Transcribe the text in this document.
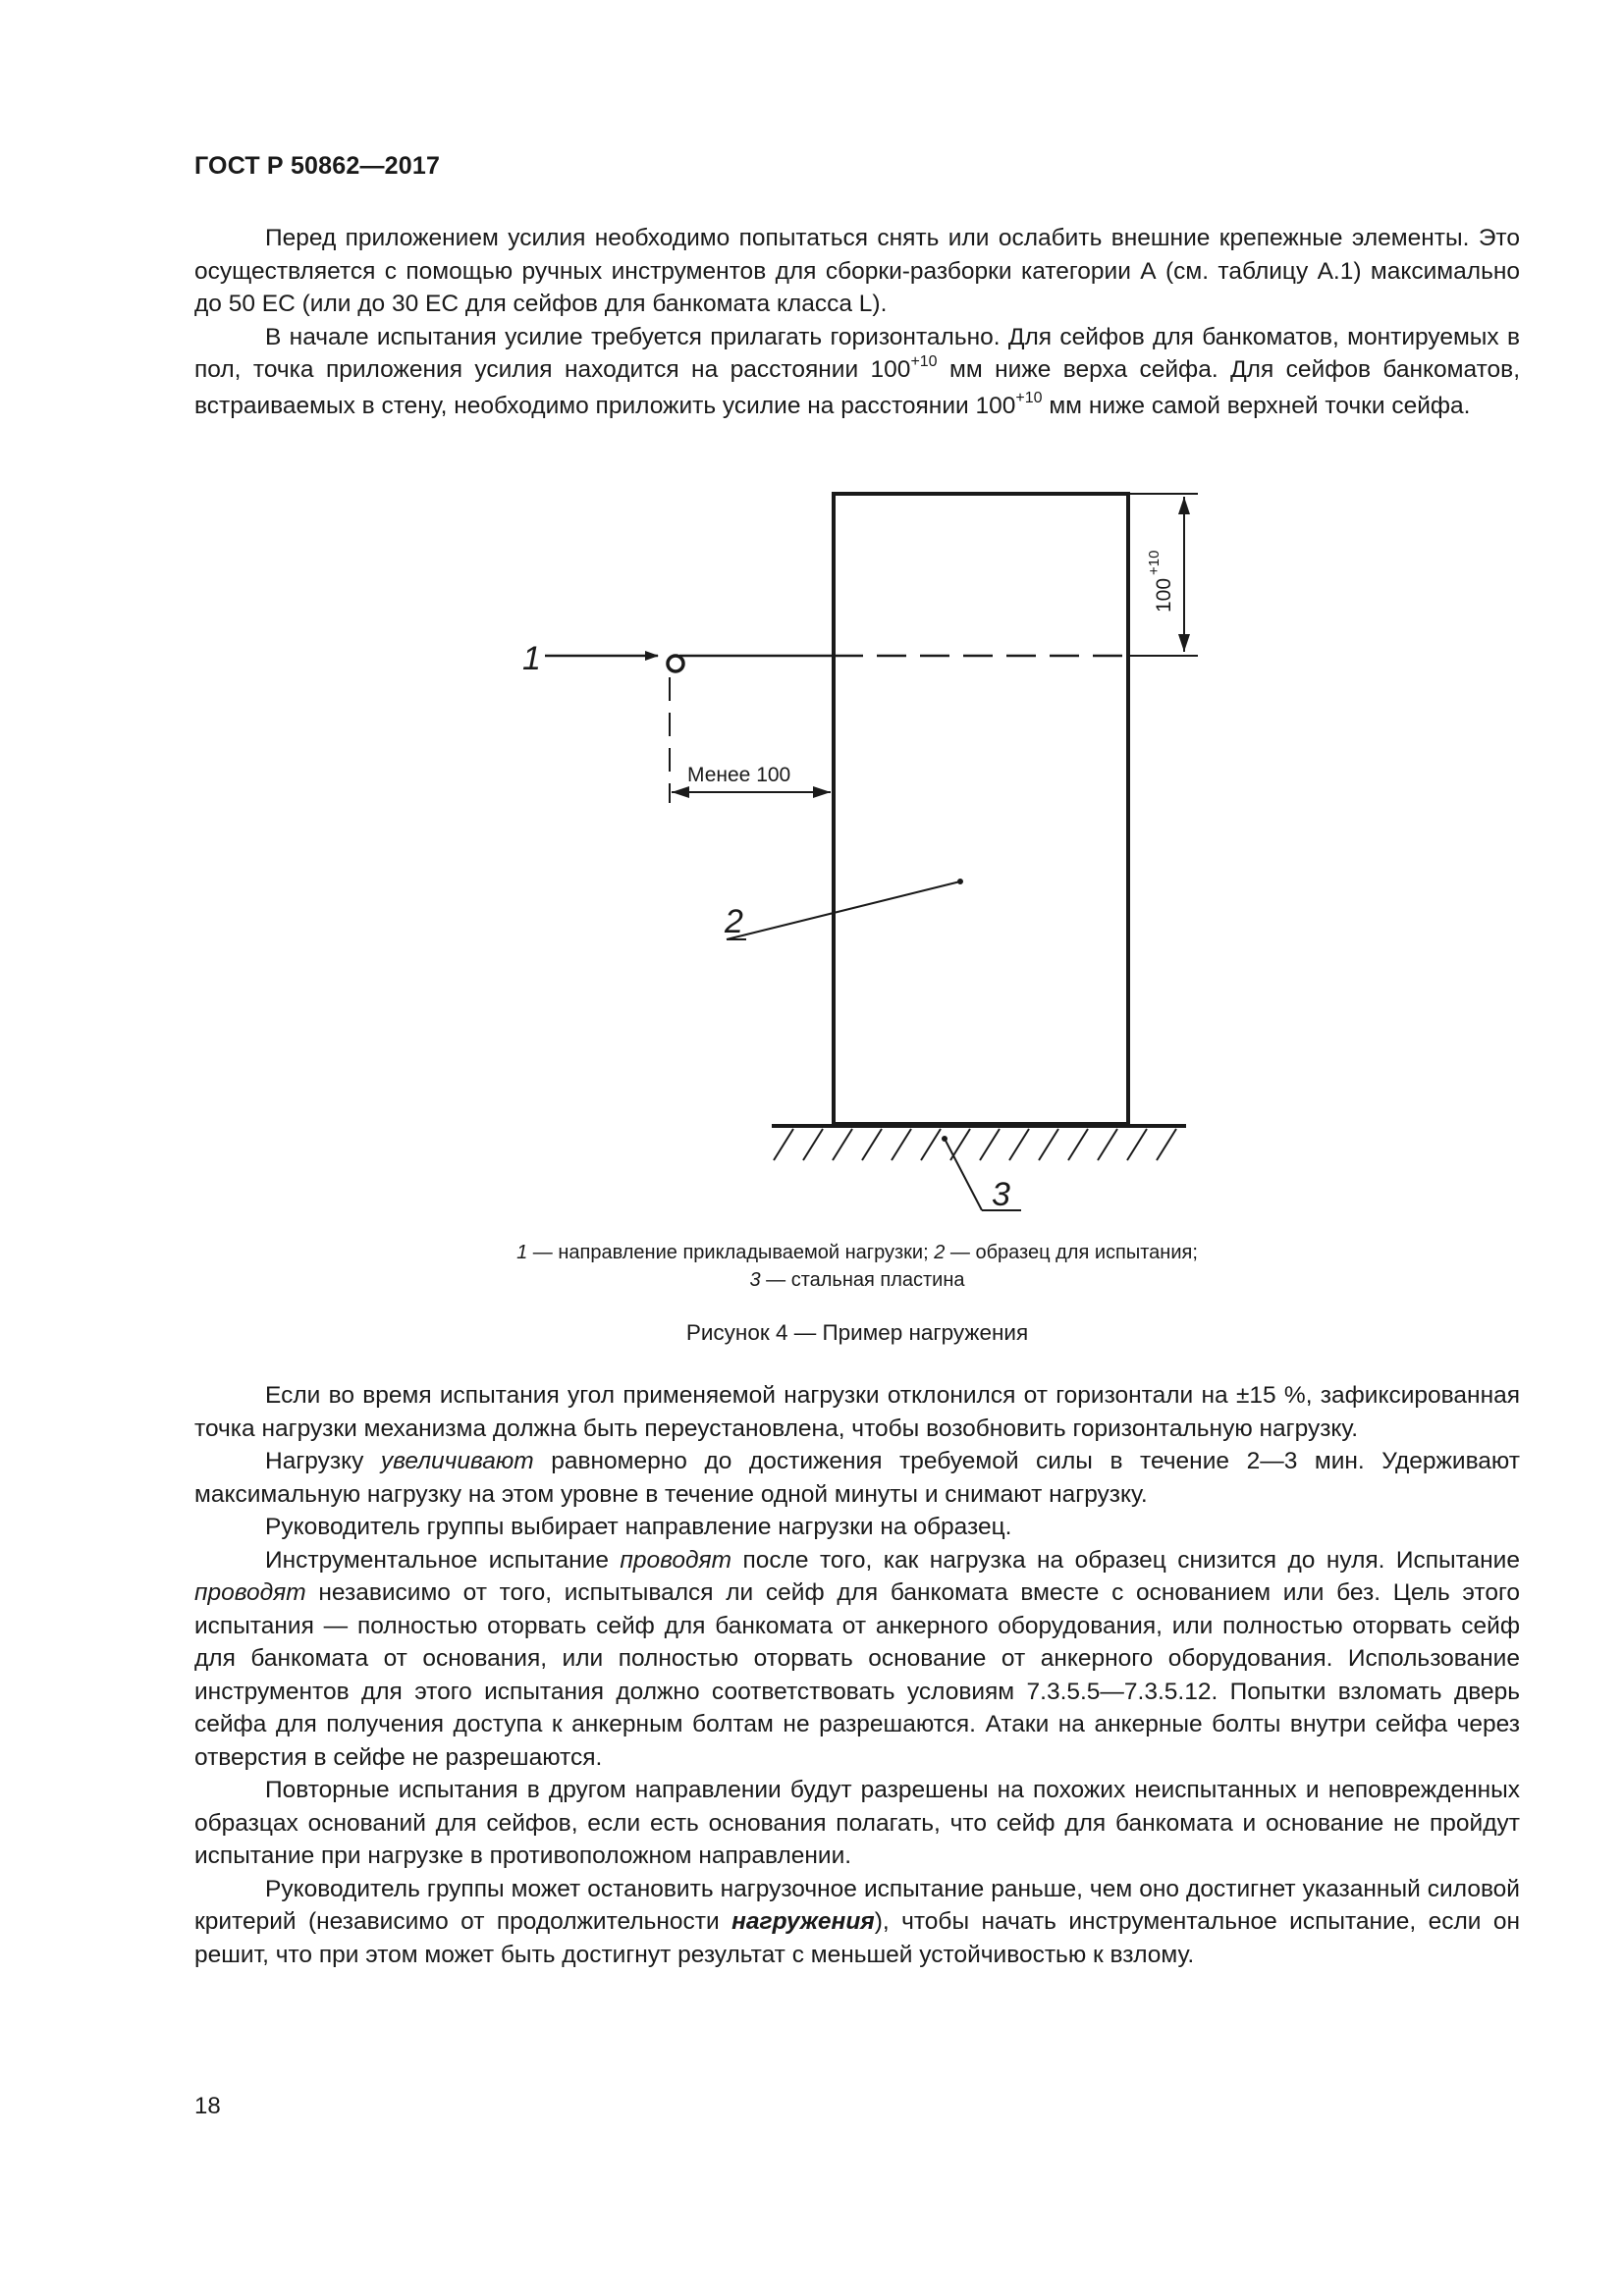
ГОСТ Р 50862—2017

Перед приложением усилия необходимо попытаться снять или ослабить внешние крепежные элементы. Это осуществляется с помощью ручных инструментов для сборки-разборки категории А (см. таблицу А.1) максимально до 50 ЕС (или до 30 ЕС для сейфов для банкомата класса L).

В начале испытания усилие требуется прилагать горизонтально. Для сейфов для банкоматов, монтируемых в пол, точка приложения усилия находится на расстоянии $100^{+10}$ мм ниже верха сейфа. Для сейфов банкоматов, встраиваемых в стену, необходимо приложить усилие на расстоянии $100^{+10}$ мм ниже самой верхней точки сейфа.

1
2
3
Менее 100
100
+10
1 — направление прикладываемой нагрузки; 2 — образец для испытания;
3 — стальная пластина
Рисунок 4 — Пример нагружения

Если во время испытания угол применяемой нагрузки отклонился от горизонтали на ±15 %, зафиксированная точка нагрузки механизма должна быть переустановлена, чтобы возобновить горизонтальную нагрузку.

Нагрузку увеличивают равномерно до достижения требуемой силы в течение 2—3 мин. Удерживают максимальную нагрузку на этом уровне в течение одной минуты и снимают нагрузку.

Руководитель группы выбирает направление нагрузки на образец.

Инструментальное испытание проводят после того, как нагрузка на образец снизится до нуля. Испытание проводят независимо от того, испытывался ли сейф для банкомата вместе с основанием или без. Цель этого испытания — полностью оторвать сейф для банкомата от анкерного оборудования, или полностью оторвать сейф для банкомата от основания, или полностью оторвать основание от анкерного оборудования. Использование инструментов для этого испытания должно соответствовать условиям 7.3.5.5—7.3.5.12. Попытки взломать дверь сейфа для получения доступа к анкерным болтам не разрешаются. Атаки на анкерные болты внутри сейфа через отверстия в сейфе не разрешаются.

Повторные испытания в другом направлении будут разрешены на похожих неиспытанных и неповрежденных образцах оснований для сейфов, если есть основания полагать, что сейф для банкомата и основание не пройдут испытание при нагрузке в противоположном направлении.

Руководитель группы может остановить нагрузочное испытание раньше, чем оно достигнет указанный силовой критерий (независимо от продолжительности нагружения), чтобы начать инструментальное испытание, если он решит, что при этом может быть достигнут результат с меньшей устойчивостью к взлому.

18
